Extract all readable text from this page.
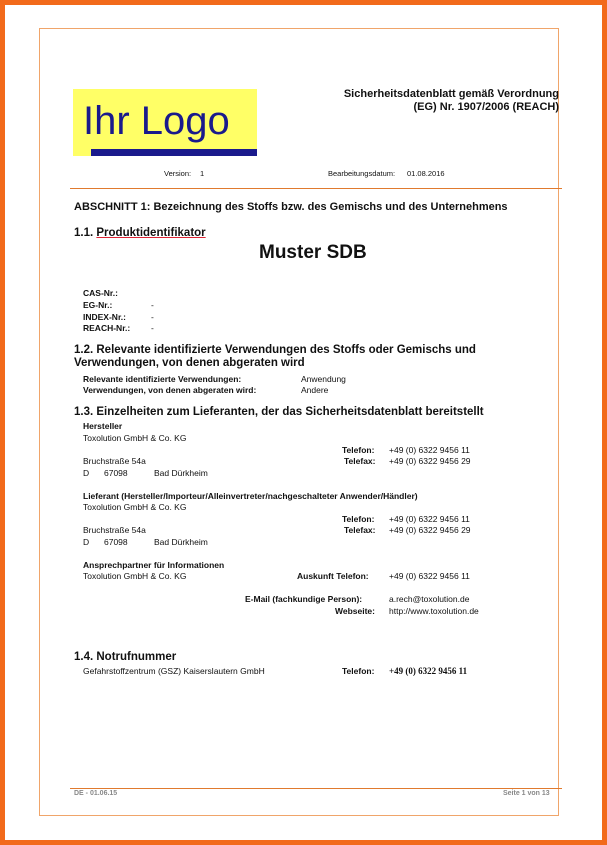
Ihr Logo
Sicherheitsdatenblatt gemäß Verordnung
(EG) Nr. 1907/2006 (REACH)
Version: 1	Bearbeitungsdatum: 01.08.2016
ABSCHNITT 1: Bezeichnung des Stoffs bzw. des Gemischs und des Unternehmens
1.1. Produktidentifikator
Muster SDB
CAS-Nr.:
EG-Nr.:	-
INDEX-Nr.:	-
REACH-Nr.: -
1.2. Relevante identifizierte Verwendungen des Stoffs oder Gemischs und
Verwendungen, von denen abgeraten wird
Relevante identifizierte Verwendungen:	Anwendung
Verwendungen, von denen abgeraten wird:	Andere
1.3. Einzelheiten zum Lieferanten, der das Sicherheitsdatenblatt bereitstellt
Hersteller
Toxolution GmbH & Co. KG
Telefon: +49 (0) 6322 9456 11
Bruchstraße 54a	Telefax: +49 (0) 6322 9456 29
D 67098	Bad Dürkheim
Lieferant (Hersteller/Importeur/Alleinvertreter/nachgeschalteter Anwender/Händler)
Toxolution GmbH & Co. KG
Telefon: +49 (0) 6322 9456 11
Bruchstraße 54a	Telefax: +49 (0) 6322 9456 29
D 67098	Bad Dürkheim
Ansprechpartner für Informationen
Toxolution GmbH & Co. KG	Auskunft Telefon: +49 (0) 6322 9456 11
E-Mail (fachkundige Person):	a.rech@toxolution.de
Webseite: http://www.toxolution.de
1.4. Notrufnummer
Gefahrstoffzentrum (GSZ) Kaiserslautern GmbH	Telefon: +49 (0) 6322 9456 11
DE - 01.06.15	Seite 1 von 13
